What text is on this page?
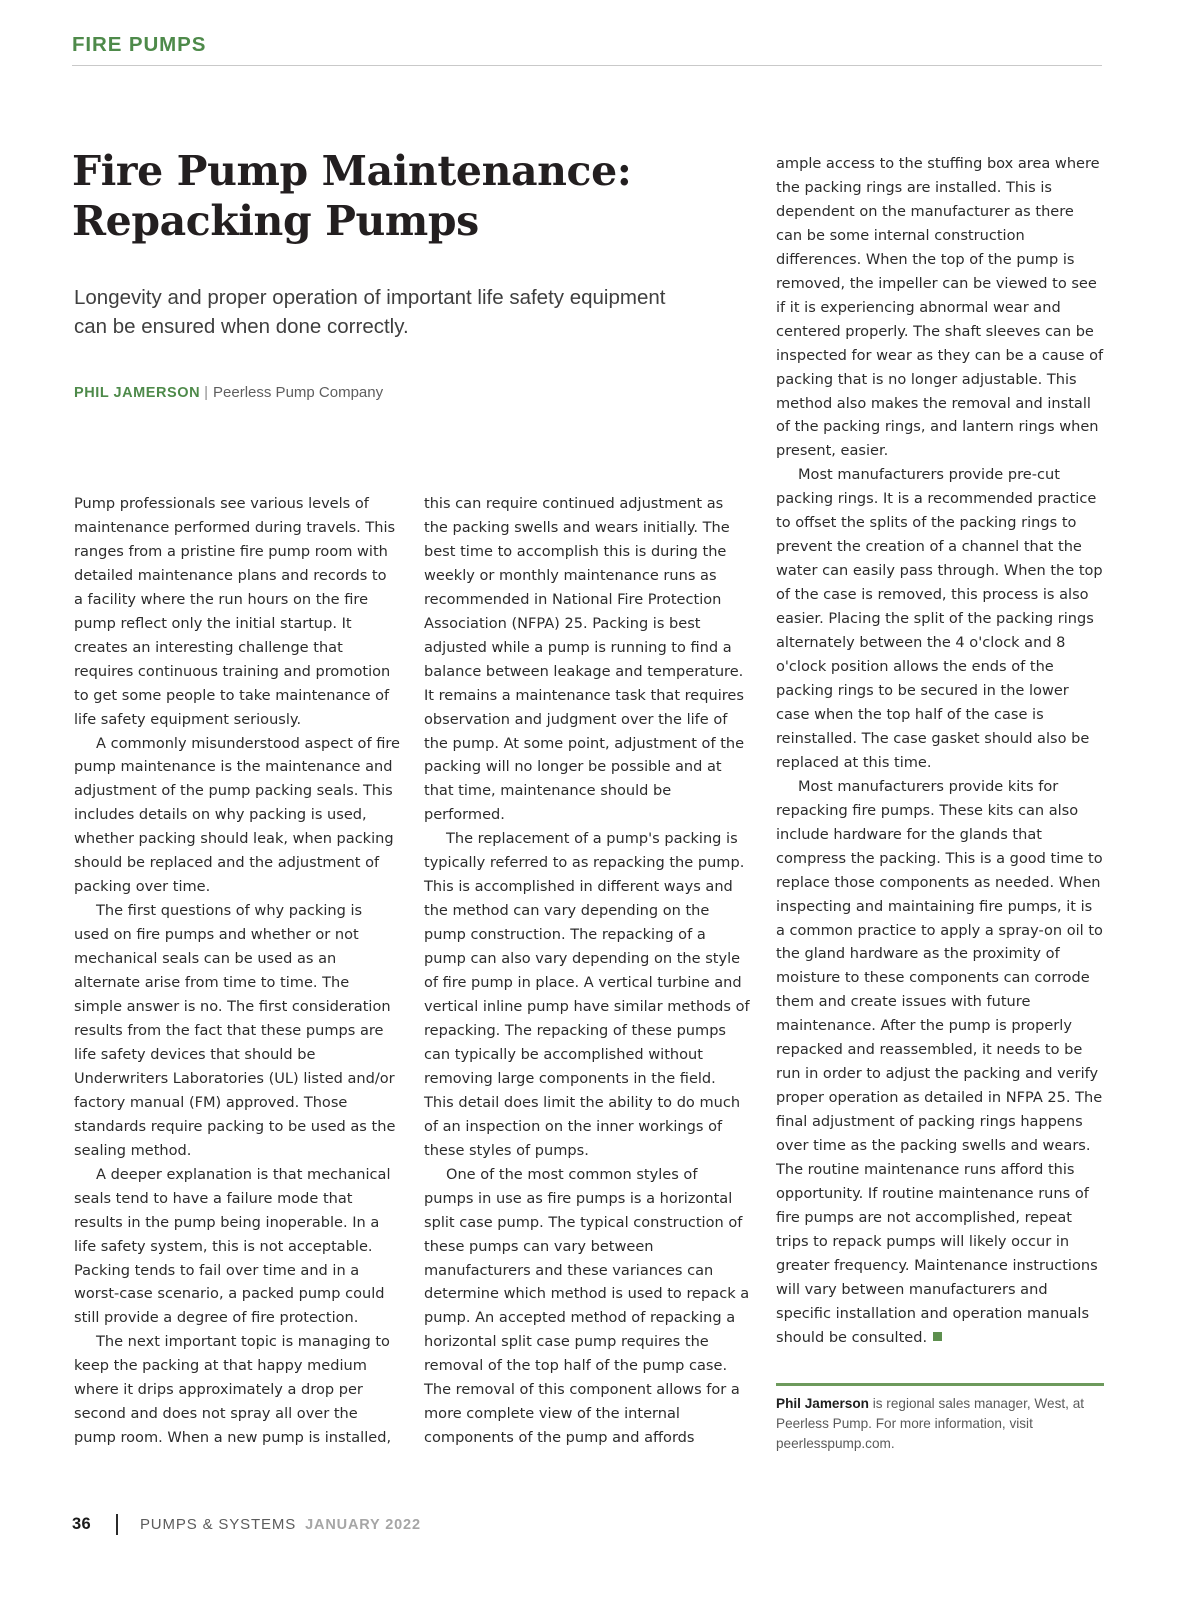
FIRE PUMPS
Fire Pump Maintenance: Repacking Pumps
Longevity and proper operation of important life safety equipment can be ensured when done correctly.
PHIL JAMERSON | Peerless Pump Company

Pump professionals see various levels of maintenance performed during travels. This ranges from a pristine fire pump room with detailed maintenance plans and records to a facility where the run hours on the fire pump reflect only the initial startup. It creates an interesting challenge that requires continuous training and promotion to get some people to take maintenance of life safety equipment seriously.

A commonly misunderstood aspect of fire pump maintenance is the maintenance and adjustment of the pump packing seals. This includes details on why packing is used, whether packing should leak, when packing should be replaced and the adjustment of packing over time.

The first questions of why packing is used on fire pumps and whether or not mechanical seals can be used as an alternate arise from time to time. The simple answer is no. The first consideration results from the fact that these pumps are life safety devices that should be Underwriters Laboratories (UL) listed and/or factory manual (FM) approved. Those standards require packing to be used as the sealing method.

A deeper explanation is that mechanical seals tend to have a failure mode that results in the pump being inoperable. In a life safety system, this is not acceptable. Packing tends to fail over time and in a worst-case scenario, a packed pump could still provide a degree of fire protection.

The next important topic is managing to keep the packing at that happy medium where it drips approximately a drop per second and does not spray all over the pump room. When a new pump is installed,

this can require continued adjustment as the packing swells and wears initially. The best time to accomplish this is during the weekly or monthly maintenance runs as recommended in National Fire Protection Association (NFPA) 25. Packing is best adjusted while a pump is running to find a balance between leakage and temperature. It remains a maintenance task that requires observation and judgment over the life of the pump. At some point, adjustment of the packing will no longer be possible and at that time, maintenance should be performed.

The replacement of a pump's packing is typically referred to as repacking the pump. This is accomplished in different ways and the method can vary depending on the pump construction. The repacking of a pump can also vary depending on the style of fire pump in place. A vertical turbine and vertical inline pump have similar methods of repacking. The repacking of these pumps can typically be accomplished without removing large components in the field. This detail does limit the ability to do much of an inspection on the inner workings of these styles of pumps.

One of the most common styles of pumps in use as fire pumps is a horizontal split case pump. The typical construction of these pumps can vary between manufacturers and these variances can determine which method is used to repack a pump. An accepted method of repacking a horizontal split case pump requires the removal of the top half of the pump case. The removal of this component allows for a more complete view of the internal components of the pump and affords

ample access to the stuffing box area where the packing rings are installed. This is dependent on the manufacturer as there can be some internal construction differences. When the top of the pump is removed, the impeller can be viewed to see if it is experiencing abnormal wear and centered properly. The shaft sleeves can be inspected for wear as they can be a cause of packing that is no longer adjustable. This method also makes the removal and install of the packing rings, and lantern rings when present, easier.

Most manufacturers provide pre-cut packing rings. It is a recommended practice to offset the splits of the packing rings to prevent the creation of a channel that the water can easily pass through. When the top of the case is removed, this process is also easier. Placing the split of the packing rings alternately between the 4 o'clock and 8 o'clock position allows the ends of the packing rings to be secured in the lower case when the top half of the case is reinstalled. The case gasket should also be replaced at this time.

Most manufacturers provide kits for repacking fire pumps. These kits can also include hardware for the glands that compress the packing. This is a good time to replace those components as needed. When inspecting and maintaining fire pumps, it is a common practice to apply a spray-on oil to the gland hardware as the proximity of moisture to these components can corrode them and create issues with future maintenance. After the pump is properly repacked and reassembled, it needs to be run in order to adjust the packing and verify proper operation as detailed in NFPA 25. The final adjustment of packing rings happens over time as the packing swells and wears. The routine maintenance runs afford this opportunity. If routine maintenance runs of fire pumps are not accomplished, repeat trips to repack pumps will likely occur in greater frequency. Maintenance instructions will vary between manufacturers and specific installation and operation manuals should be consulted.

Phil Jamerson is regional sales manager, West, at Peerless Pump. For more information, visit peerlesspump.com.
36	PUMPS & SYSTEMS JANUARY 2022
